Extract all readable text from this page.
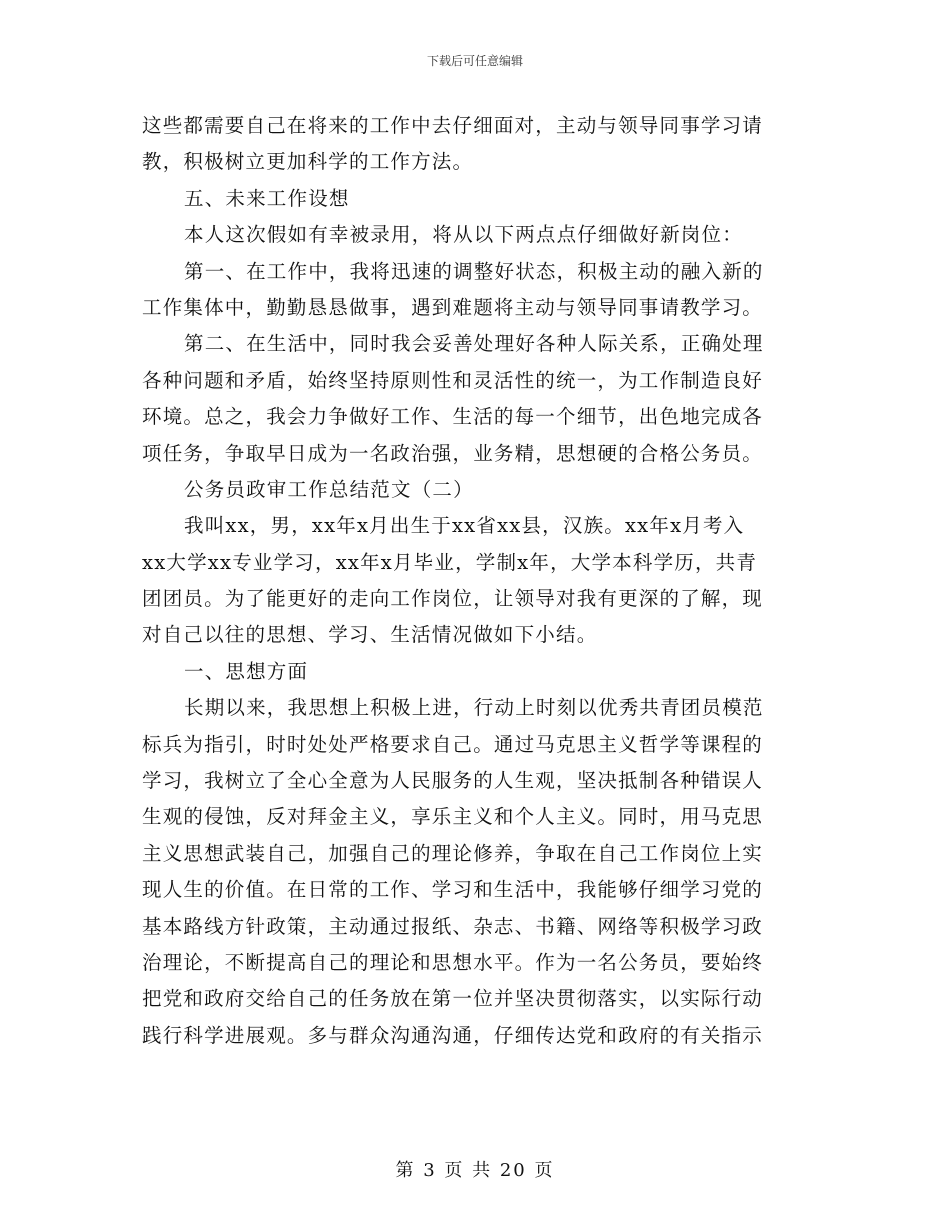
下载后可任意编辑
这些都需要自己在将来的工作中去仔细面对，主动与领导同事学习请
教，积极树立更加科学的工作方法。
五、未来工作设想
本人这次假如有幸被录用，将从以下两点点仔细做好新岗位：
第一、在工作中，我将迅速的调整好状态，积极主动的融入新的
工作集体中，勤勤恳恳做事，遇到难题将主动与领导同事请教学习。
第二、在生活中，同时我会妥善处理好各种人际关系，正确处理
各种问题和矛盾，始终坚持原则性和灵活性的统一，为工作制造良好
环境。总之，我会力争做好工作、生活的每一个细节，出色地完成各
项任务，争取早日成为一名政治强，业务精，思想硬的合格公务员。
公务员政审工作总结范文（二）
我叫xx，男，xx年x月出生于xx省xx县，汉族。xx年x月考入
xx大学xx专业学习，xx年x月毕业，学制x年，大学本科学历，共青
团团员。为了能更好的走向工作岗位，让领导对我有更深的了解，现
对自己以往的思想、学习、生活情况做如下小结。
一、思想方面
长期以来，我思想上积极上进，行动上时刻以优秀共青团员模范
标兵为指引，时时处处严格要求自己。通过马克思主义哲学等课程的
学习，我树立了全心全意为人民服务的人生观，坚决抵制各种错误人
生观的侵蚀，反对拜金主义，享乐主义和个人主义。同时，用马克思
主义思想武装自己，加强自己的理论修养，争取在自己工作岗位上实
现人生的价值。在日常的工作、学习和生活中，我能够仔细学习党的
基本路线方针政策，主动通过报纸、杂志、书籍、网络等积极学习政
治理论，不断提高自己的理论和思想水平。作为一名公务员，要始终
把党和政府交给自己的任务放在第一位并坚决贯彻落实，以实际行动
践行科学进展观。多与群众沟通沟通，仔细传达党和政府的有关指示
第 3 页 共 20 页
